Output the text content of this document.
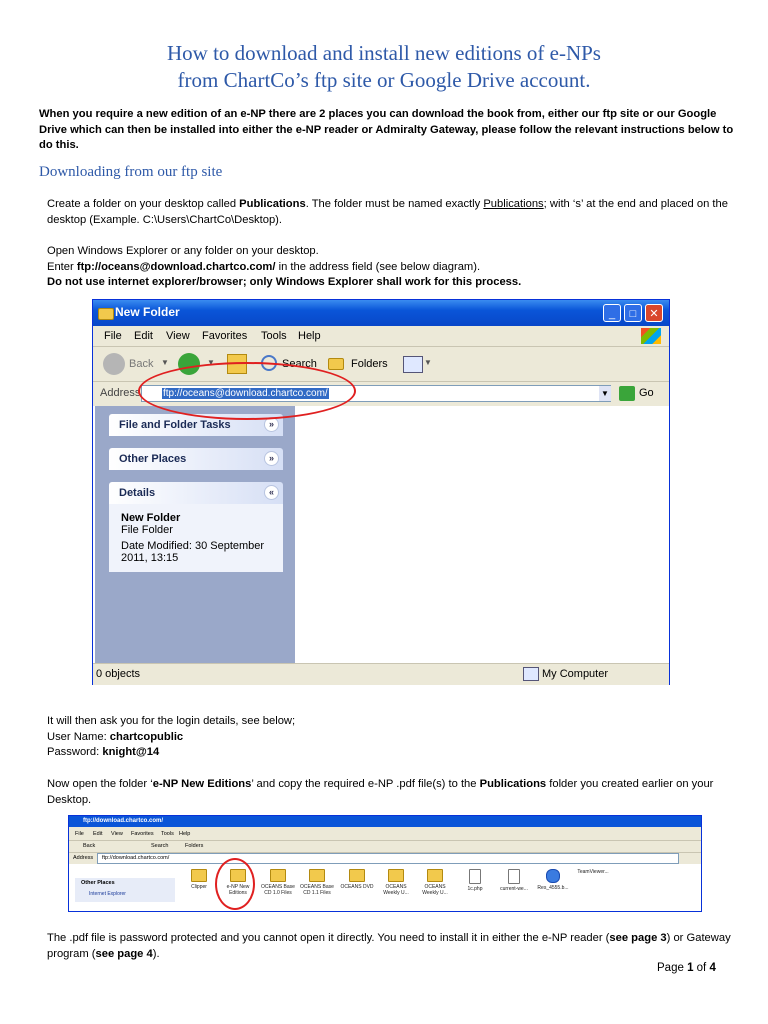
How to download and install new editions of e-NPs
from ChartCo’s ftp site or Google Drive account.
When you require a new edition of an e-NP there are 2 places you can download the book from, either our ftp site or our Google Drive which can then be installed into either the e-NP reader or Admiralty Gateway, please follow the relevant instructions below to do this.
Downloading from our ftp site
Create a folder on your desktop called Publications. The folder must be named exactly Publications; with ‘s’ at the end and placed on the desktop (Example. C:\Users\ChartCo\Desktop).
Open Windows Explorer or any folder on your desktop.
Enter ftp://oceans@download.chartco.com/ in the address field (see below diagram).
Do not use internet explorer/browser; only Windows Explorer shall work for this process.
New Folder	_	□	✕
File Edit View Favorites Tools Help
Back ▼	▼	Search	Folders	▼
Address ftp://oceans@download.chartco.com/	▼	Go
File and Folder Tasks	»
Other Places	»
Details	«
New Folder
File Folder
Date Modified: 30 September
2011, 13:15
0 objects	My Computer
It will then ask you for the login details, see below;
User Name: chartcopublic
Password: knight@14
Now open the folder ‘e-NP New Editions’ and copy the required e-NP .pdf file(s) to the Publications folder you created earlier on your Desktop.
ftp://download.chartco.com/
File Edit View Favorites Tools Help
Back	Search	Folders
Address ftp://download.chartco.com/
Other Places
Internet Explorer
Clipper	e-NP New Editions
OCEANS Base CD 1.0 Files
OCEANS Base CD 1.1 Files
OCEANS DVD	OCEANS Weekly U...
OCEANS Weekly U...
1c.php	current-we...	Res_4555.b...
TeamViewer...
The .pdf file is password protected and you cannot open it directly. You need to install it in either the e-NP reader (see page 3) or Gateway program (see page 4).
Page 1 of 4
